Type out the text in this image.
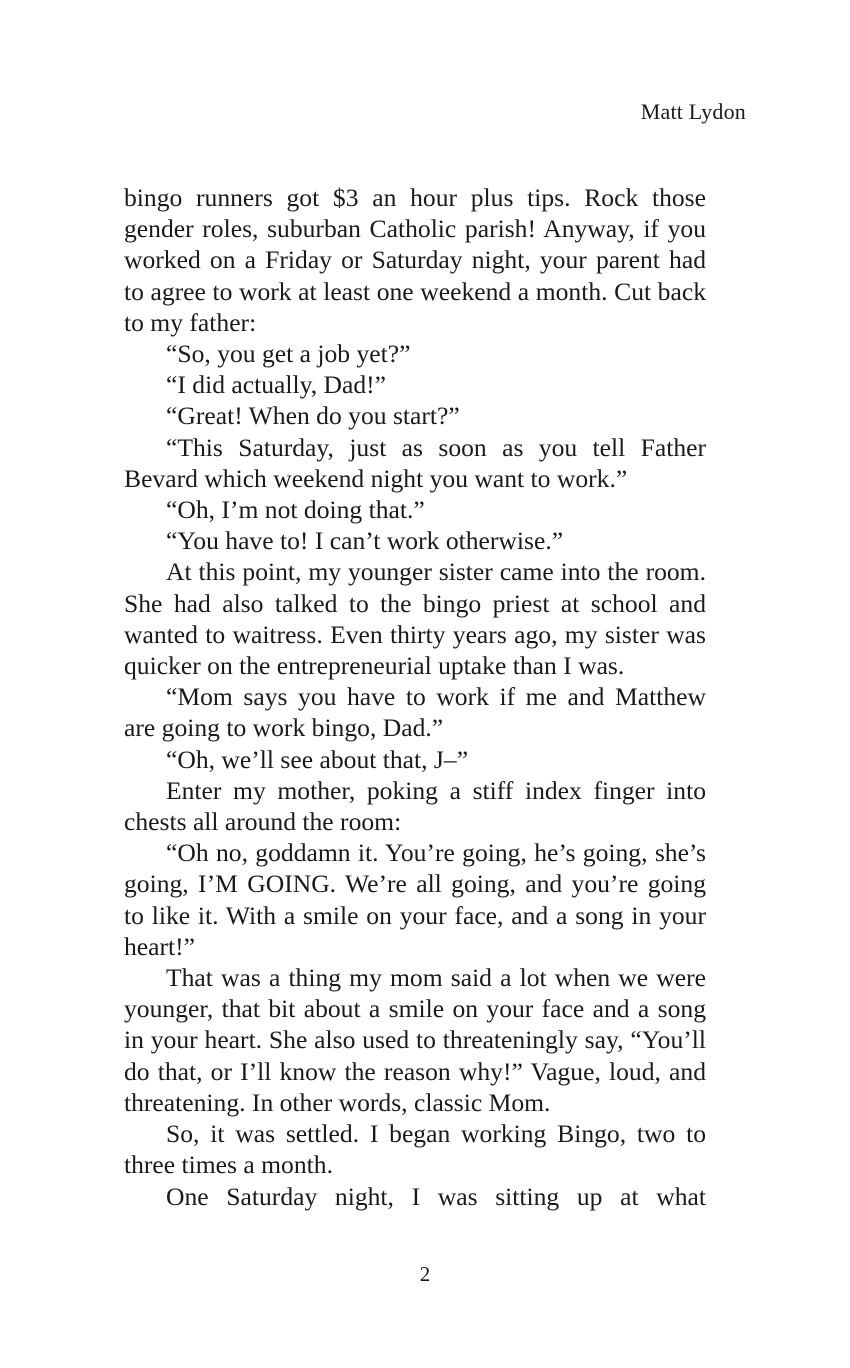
Matt Lydon

bingo runners got $3 an hour plus tips. Rock those gender roles, suburban Catholic parish! Anyway, if you worked on a Friday or Saturday night, your parent had to agree to work at least one weekend a month. Cut back to my father:

“So, you get a job yet?”

“I did actually, Dad!”

“Great! When do you start?”

“This Saturday, just as soon as you tell Father Bevard which weekend night you want to work.”

“Oh, I’m not doing that.”

“You have to! I can’t work otherwise.”

At this point, my younger sister came into the room. She had also talked to the bingo priest at school and wanted to waitress. Even thirty years ago, my sister was quicker on the entrepreneurial uptake than I was.

“Mom says you have to work if me and Matthew are going to work bingo, Dad.”

“Oh, we’ll see about that, J–”

Enter my mother, poking a stiff index finger into chests all around the room:

“Oh no, goddamn it. You’re going, he’s going, she’s going, I’M GOING. We’re all going, and you’re going to like it. With a smile on your face, and a song in your heart!”

That was a thing my mom said a lot when we were younger, that bit about a smile on your face and a song in your heart. She also used to threateningly say, “You’ll do that, or I’ll know the reason why!” Vague, loud, and threatening. In other words, classic Mom.

So, it was settled. I began working Bingo, two to three times a month.

One Saturday night, I was sitting up at what

2
